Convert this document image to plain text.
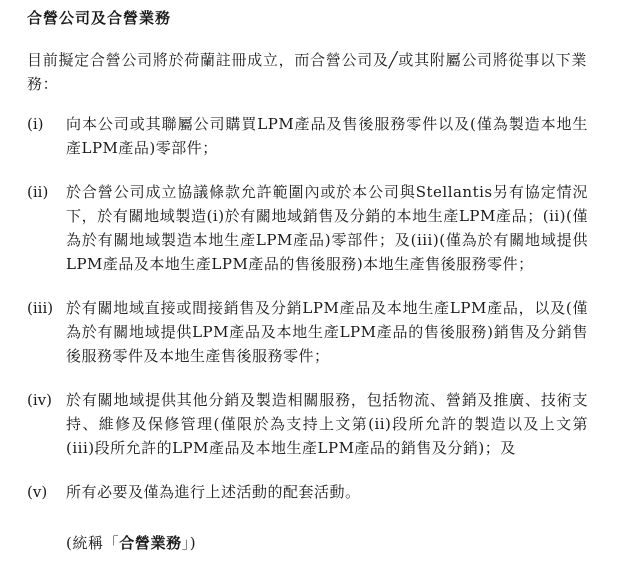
合營公司及合營業務
目前擬定合營公司將於荷蘭註冊成立，而合營公司及╱或其附屬公司將從事以下業務：
(i) 向本公司或其聯屬公司購買LPM產品及售後服務零件以及(僅為製造本地生產LPM產品)零部件；
(ii) 於合營公司成立協議條款允許範圍內或於本公司與Stellantis另有協定情況下，於有關地域製造(i)於有關地域銷售及分銷的本地生產LPM產品；(ii)(僅為於有關地域製造本地生產LPM產品)零部件；及(iii)(僅為於有關地域提供LPM產品及本地生產LPM產品的售後服務)本地生產售後服務零件；
(iii) 於有關地域直接或間接銷售及分銷LPM產品及本地生產LPM產品，以及(僅為於有關地域提供LPM產品及本地生產LPM產品的售後服務)銷售及分銷售後服務零件及本地生產售後服務零件；
(iv) 於有關地域提供其他分銷及製造相關服務，包括物流、營銷及推廣、技術支持、維修及保修管理(僅限於為支持上文第(ii)段所允許的製造以及上文第(iii)段所允許的LPM產品及本地生產LPM產品的銷售及分銷)；及
(v) 所有必要及僅為進行上述活動的配套活動。
(統稱「合營業務」)
